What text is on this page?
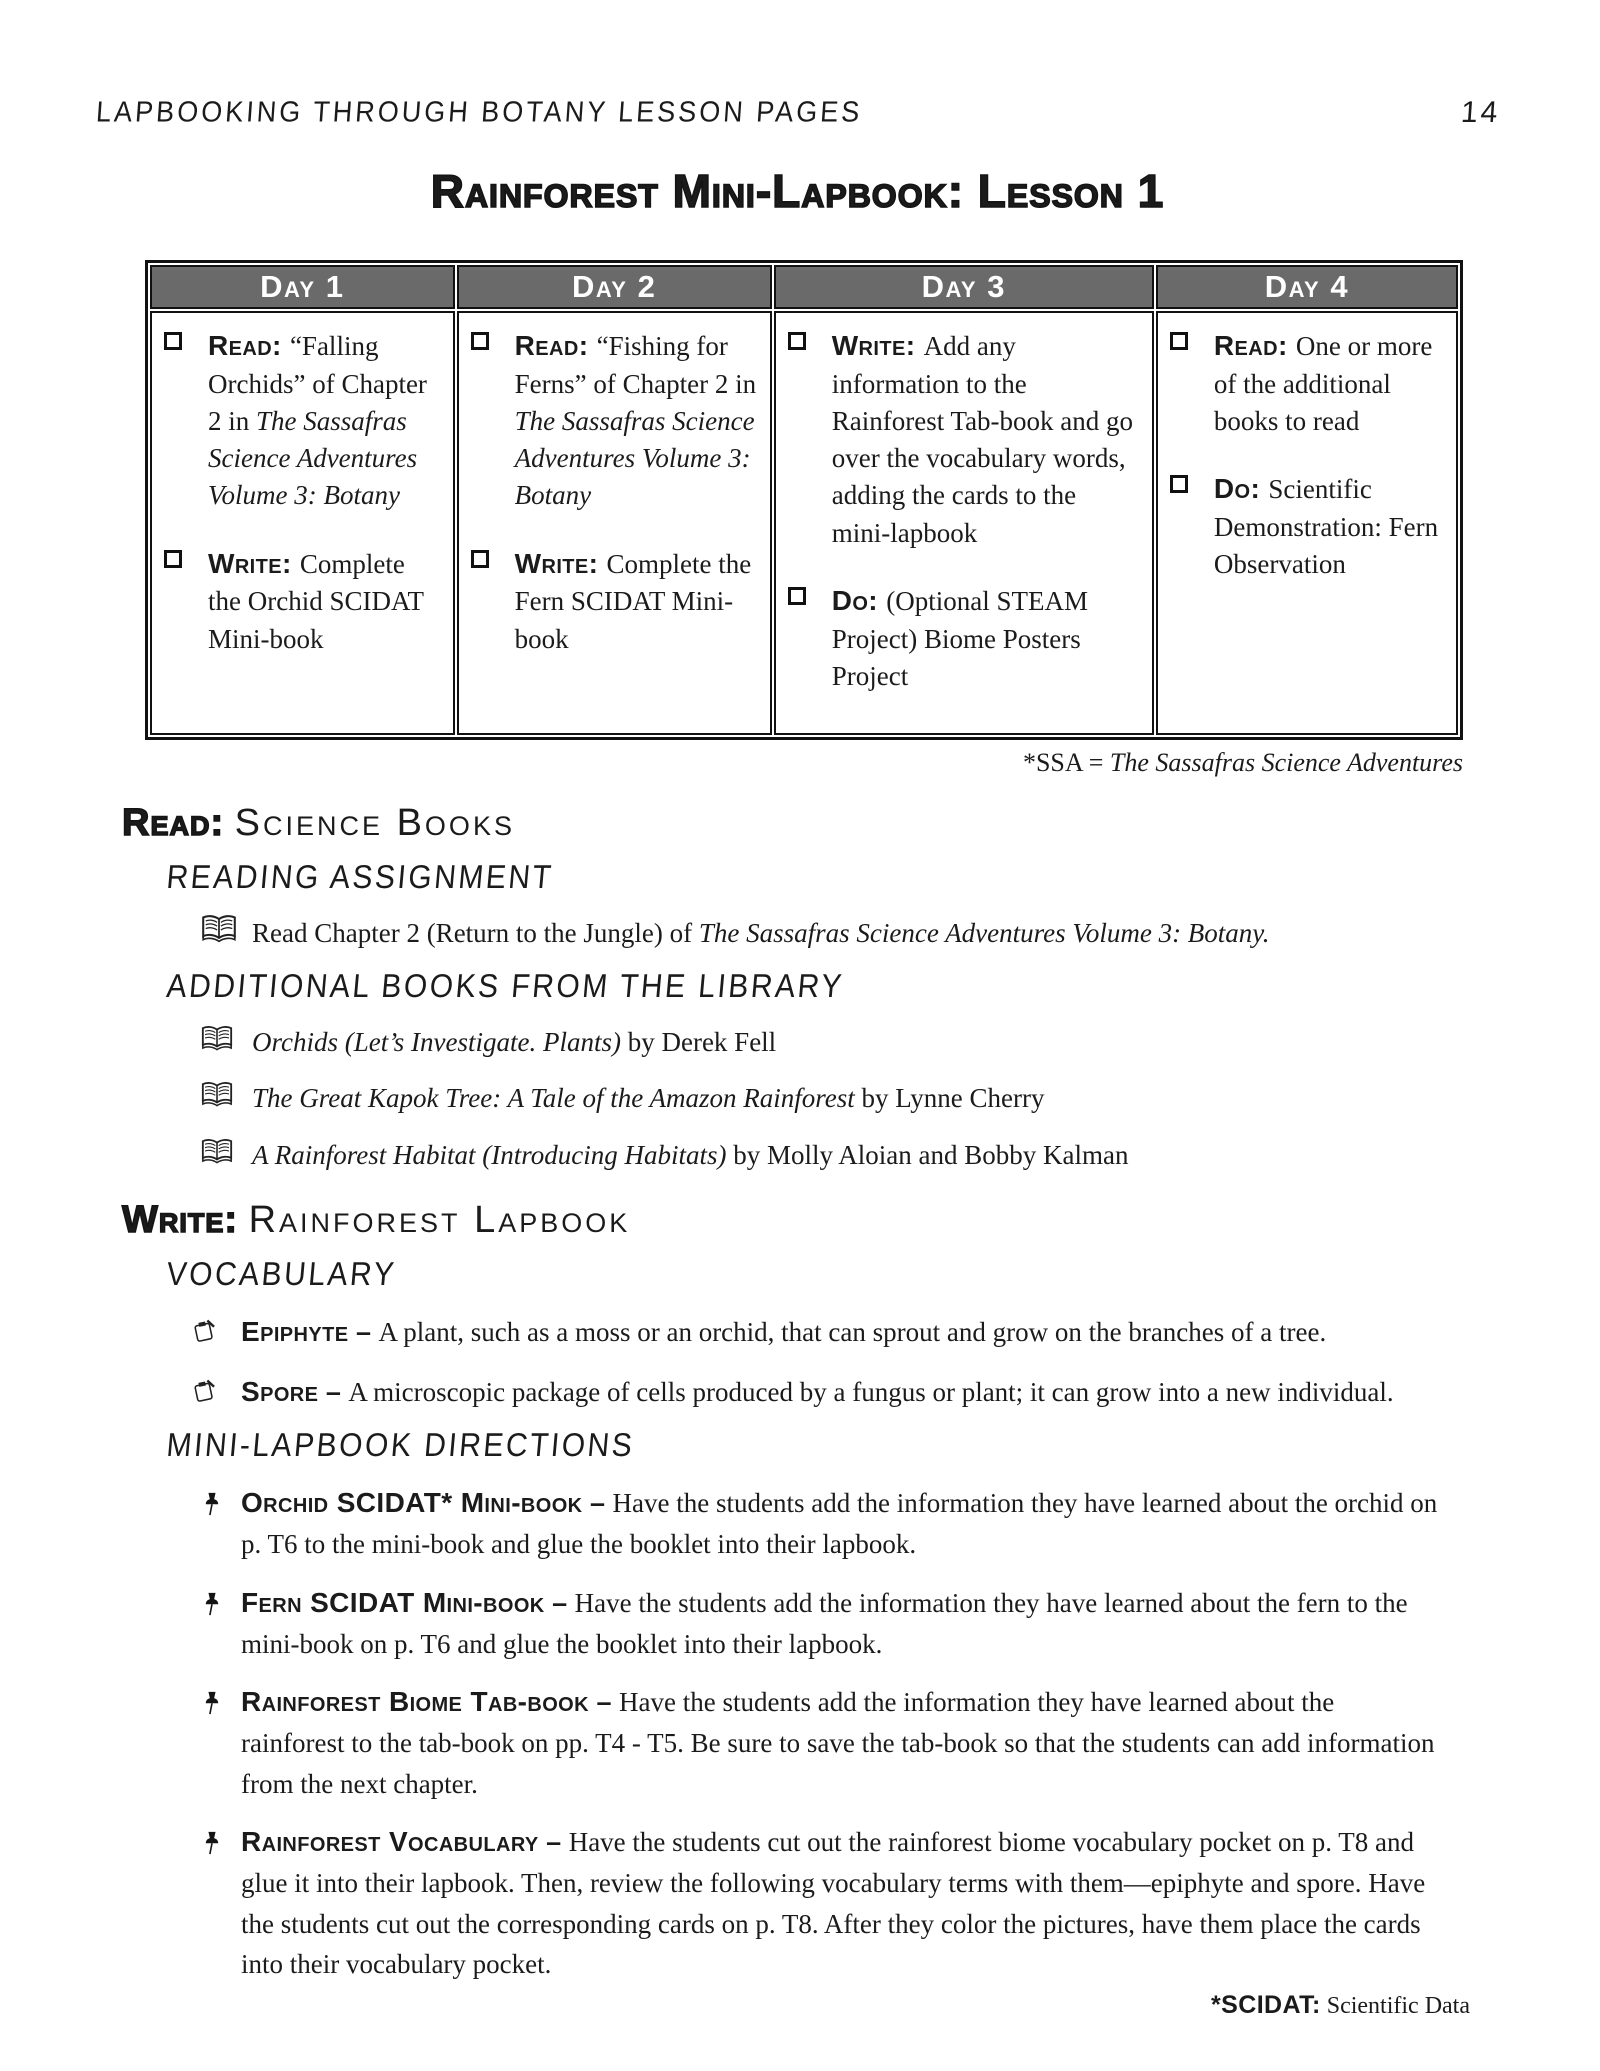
LAPBOOKING THROUGH BOTANY LESSON PAGES	14
Rainforest Mini-Lapbook: Lesson 1
Day 1	Day 2	Day 3	Day 4

Read: “Falling Orchids” of Chapter 2 in The Sassafras Science Adventures Volume 3: Botany
Write: Complete the Orchid SCIDAT Mini-book

Read: “Fishing for Ferns” of Chapter 2 in The Sassafras Science Adventures Volume 3: Botany
Write: Complete the Fern SCIDAT Mini-book

Write: Add any information to the Rainforest Tab-book and go over the vocabulary words, adding the cards to the mini-lapbook
Do: (Optional STEAM Project) Biome Posters Project

Read: One or more of the additional books to read
Do: Scientific Demonstration: Fern Observation
*SSA = The Sassafras Science Adventures
Read: Science Books
READING ASSIGNMENT
Read Chapter 2 (Return to the Jungle) of The Sassafras Science Adventures Volume 3: Botany.
ADDITIONAL BOOKS FROM THE LIBRARY
Orchids (Let’s Investigate. Plants) by Derek Fell
The Great Kapok Tree: A Tale of the Amazon Rainforest by Lynne Cherry
A Rainforest Habitat (Introducing Habitats) by Molly Aloian and Bobby Kalman
Write: Rainforest Lapbook
VOCABULARY
Epiphyte – A plant, such as a moss or an orchid, that can sprout and grow on the branches of a tree.
Spore – A microscopic package of cells produced by a fungus or plant; it can grow into a new individual.
MINI-LAPBOOK DIRECTIONS
Orchid SCIDAT* Mini-book – Have the students add the information they have learned about the orchid on p. T6 to the mini-book and glue the booklet into their lapbook.
Fern SCIDAT Mini-book – Have the students add the information they have learned about the fern to the mini-book on p. T6 and glue the booklet into their lapbook.
Rainforest Biome Tab-book – Have the students add the information they have learned about the rainforest to the tab-book on pp. T4 - T5. Be sure to save the tab-book so that the students can add information from the next chapter.
Rainforest Vocabulary – Have the students cut out the rainforest biome vocabulary pocket on p. T8 and glue it into their lapbook. Then, review the following vocabulary terms with them—epiphyte and spore. Have the students cut out the corresponding cards on p. T8. After they color the pictures, have them place the cards into their vocabulary pocket.
*SCIDAT: Scientific Data
